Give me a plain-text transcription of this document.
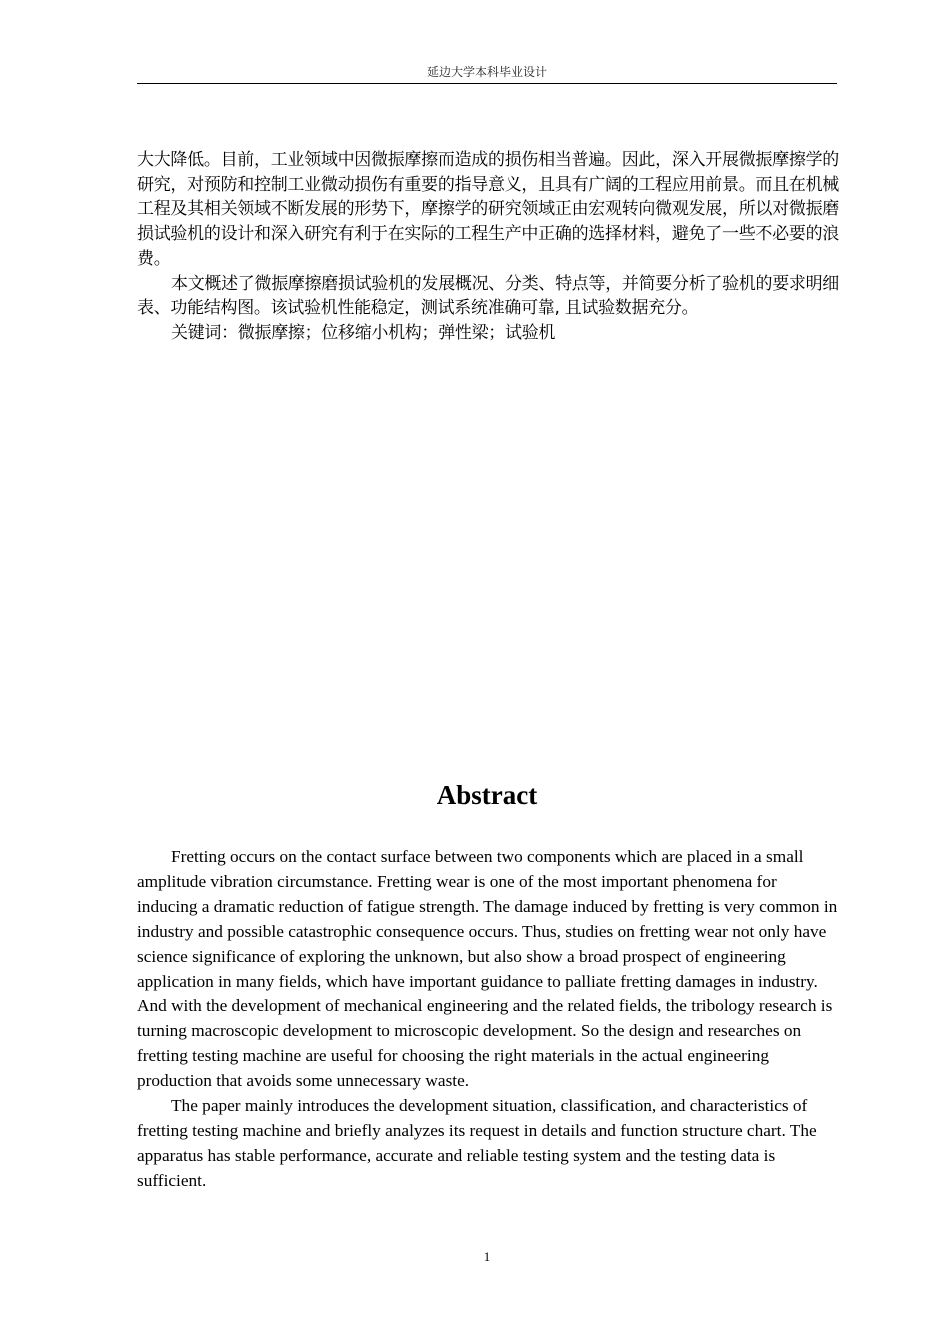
延边大学本科毕业设计

大大降低。目前，工业领域中因微振摩擦而造成的损伤相当普遍。因此，深入开展微振摩擦学的研究，对预防和控制工业微动损伤有重要的指导意义，且具有广阔的工程应用前景。而且在机械工程及其相关领域不断发展的形势下，摩擦学的研究领域正由宏观转向微观发展，所以对微振磨损试验机的设计和深入研究有利于在实际的工程生产中正确的选择材料，避免了一些不必要的浪费。

本文概述了微振摩擦磨损试验机的发展概况、分类、特点等，并简要分析了验机的要求明细表、功能结构图。该试验机性能稳定，测试系统准确可靠, 且试验数据充分。

关键词：微振摩擦；位移缩小机构；弹性梁；试验机

Abstract

Fretting occurs on the contact surface between two components which are placed in a small amplitude vibration circumstance. Fretting wear is one of the most important phenomena for inducing a dramatic reduction of fatigue strength. The damage induced by fretting is very common in industry and possible catastrophic consequence occurs. Thus, studies on fretting wear not only have science significance of exploring the unknown, but also show a broad prospect of engineering application in many fields, which have important guidance to palliate fretting damages in industry. And with the development of mechanical engineering and the related fields, the tribology research is turning macroscopic development to microscopic development. So the design and researches on fretting testing machine are useful for choosing the right materials in the actual engineering production that avoids some unnecessary waste.

The paper mainly introduces the development situation, classification, and characteristics of fretting testing machine and briefly analyzes its request in details and function structure chart. The apparatus has stable performance, accurate and reliable testing system and the testing data is sufficient.

1
